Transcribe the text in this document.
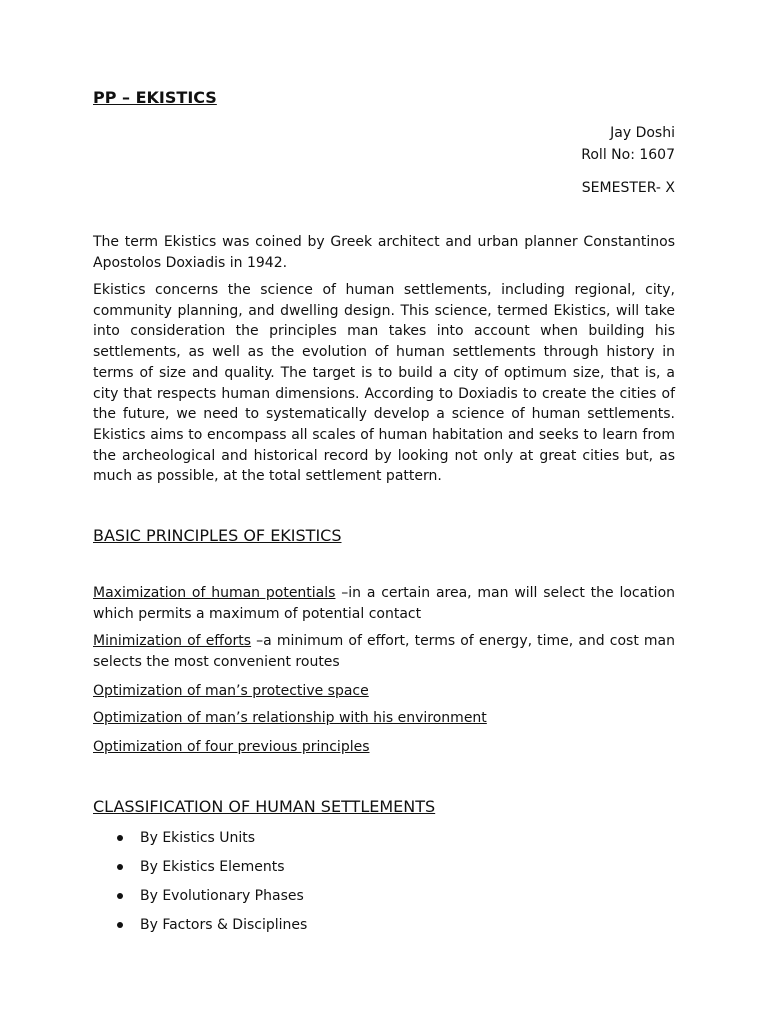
PP – EKISTICS
Jay Doshi
Roll No: 1607
SEMESTER- X

The term Ekistics was coined by Greek architect and urban planner Constantinos Apostolos Doxiadis in 1942.

Ekistics concerns the science of human settlements, including regional, city, community planning, and dwelling design. This science, termed Ekistics, will take into consideration the principles man takes into account when building his settlements, as well as the evolution of human settlements through history in terms of size and quality. The target is to build a city of optimum size, that is, a city that respects human dimensions. According to Doxiadis to create the cities of the future, we need to systematically develop a science of human settlements. Ekistics aims to encompass all scales of human habitation and seeks to learn from the archeological and historical record by looking not only at great cities but, as much as possible, at the total settlement pattern.

BASIC PRINCIPLES OF EKISTICS

Maximization of human potentials –in a certain area, man will select the location which permits a maximum of potential contact

Minimization of efforts –a minimum of effort, terms of energy, time, and cost man selects the most convenient routes

Optimization of man’s protective space

Optimization of man’s relationship with his environment

Optimization of four previous principles

CLASSIFICATION OF HUMAN SETTLEMENTS
By Ekistics Units
By Ekistics Elements
By Evolutionary Phases
By Factors & Disciplines
